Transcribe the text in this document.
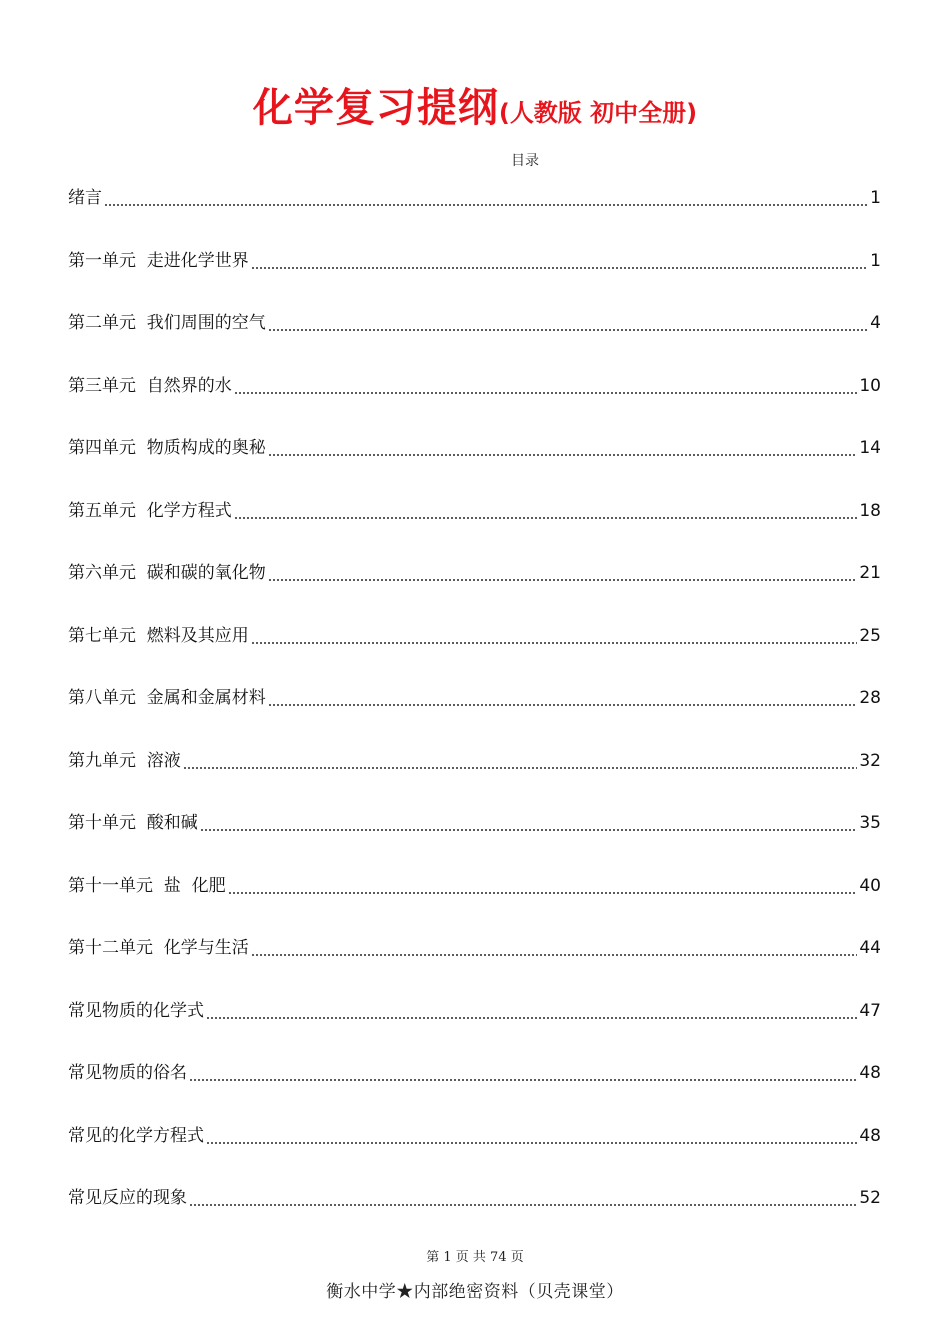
化学复习提纲(人教版 初中全册)
目录
绪言	1
第一单元  走进化学世界	1
第二单元  我们周围的空气	4
第三单元  自然界的水	10
第四单元  物质构成的奥秘	14
第五单元  化学方程式	18
第六单元  碳和碳的氧化物	21
第七单元  燃料及其应用	25
第八单元  金属和金属材料	28
第九单元  溶液	32
第十单元  酸和碱	35
第十一单元  盐  化肥	40
第十二单元  化学与生活	44
常见物质的化学式	47
常见物质的俗名	48
常见的化学方程式	48
常见反应的现象	52
第 1 页 共 74 页
衡水中学★内部绝密资料（贝壳课堂）
